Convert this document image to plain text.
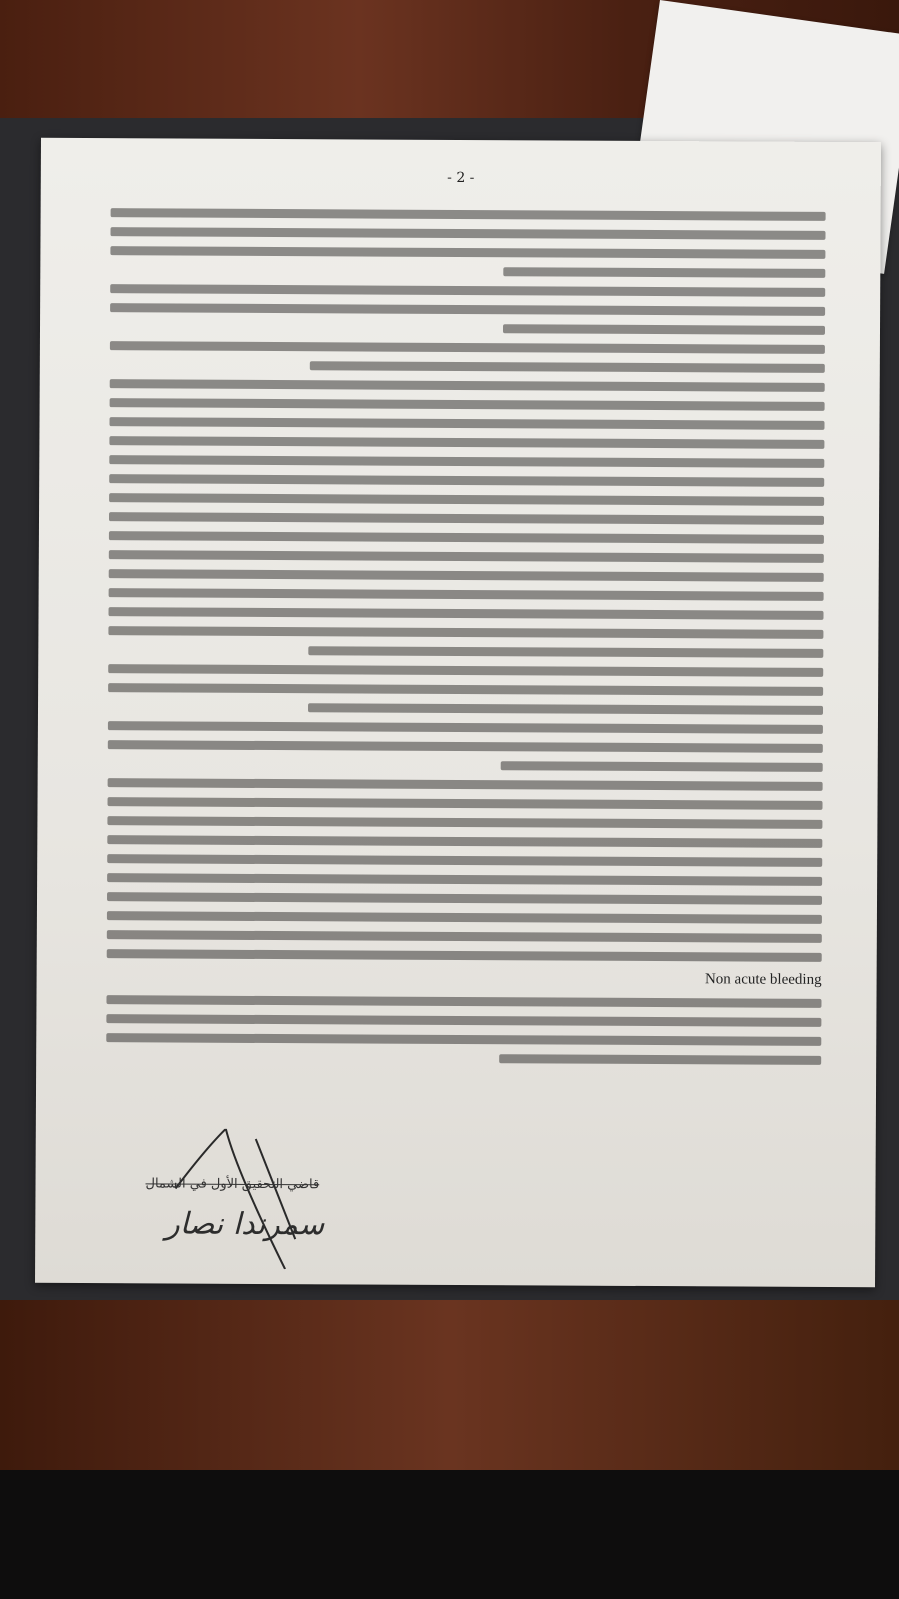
- 2 -
Non acute bleeding
قاضي التحقيق الأول في الشمال
سمرندا نصار
